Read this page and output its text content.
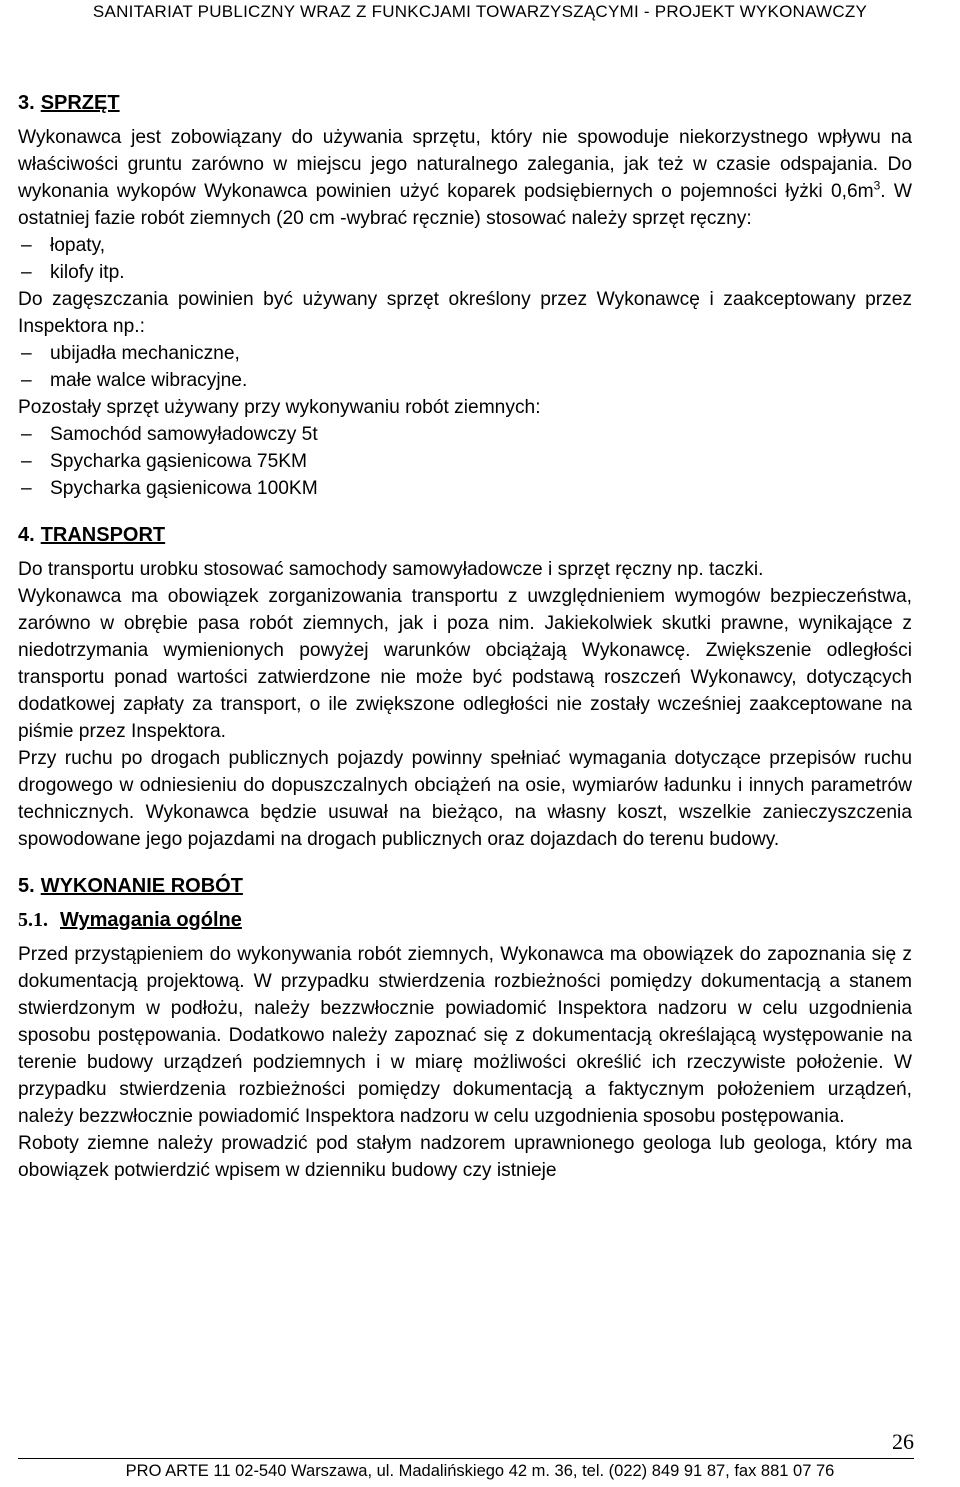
SANITARIAT PUBLICZNY WRAZ Z FUNKCJAMI TOWARZYSZĄCYMI - PROJEKT WYKONAWCZY
3. SPRZĘT

Wykonawca jest zobowiązany do używania sprzętu, który nie spowoduje niekorzystnego wpływu na właściwości gruntu zarówno w miejscu jego naturalnego zalegania, jak też w czasie odspajania. Do wykonania wykopów Wykonawca powinien użyć koparek podsiębiernych o pojemności łyżki $0,6m^3$. W ostatniej fazie robót ziemnych (20 cm -wybrać ręcznie) stosować należy sprzęt ręczny:

– łopaty,
– kilofy itp.

Do zagęszczania powinien być używany sprzęt określony przez Wykonawcę i zaakceptowany przez Inspektora np.:

– ubijadła mechaniczne,
– małe walce wibracyjne.

Pozostały sprzęt używany przy wykonywaniu robót ziemnych:

– Samochód samowyładowczy 5t
– Spycharka gąsienicowa 75KM
– Spycharka gąsienicowa 100KM
4. TRANSPORT

Do transportu urobku stosować samochody samowyładowcze i sprzęt ręczny np. taczki.

Wykonawca ma obowiązek zorganizowania transportu z uwzględnieniem wymogów bezpieczeństwa, zarówno w obrębie pasa robót ziemnych, jak i poza nim. Jakiekolwiek skutki prawne, wynikające z niedotrzymania wymienionych powyżej warunków obciążają Wykonawcę. Zwiększenie odległości transportu ponad wartości zatwierdzone nie może być podstawą roszczeń Wykonawcy, dotyczących dodatkowej zapłaty za transport, o ile zwiększone odległości nie zostały wcześniej zaakceptowane na piśmie przez Inspektora.

Przy ruchu po drogach publicznych pojazdy powinny spełniać wymagania dotyczące przepisów ruchu drogowego w odniesieniu do dopuszczalnych obciążeń na osie, wymiarów ładunku i innych parametrów technicznych. Wykonawca będzie usuwał na bieżąco, na własny koszt, wszelkie zanieczyszczenia spowodowane jego pojazdami na drogach publicznych oraz dojazdach do terenu budowy.

5. WYKONANIE ROBÓT
5.1. Wymagania ogólne

Przed przystąpieniem do wykonywania robót ziemnych, Wykonawca ma obowiązek do zapoznania się z dokumentacją projektową. W przypadku stwierdzenia rozbieżności pomiędzy dokumentacją a stanem stwierdzonym w podłożu, należy bezzwłocznie powiadomić Inspektora nadzoru w celu uzgodnienia sposobu postępowania. Dodatkowo należy zapoznać się z dokumentacją określającą występowanie na terenie budowy urządzeń podziemnych i w miarę możliwości określić ich rzeczywiste położenie. W przypadku stwierdzenia rozbieżności pomiędzy dokumentacją a faktycznym położeniem urządzeń, należy bezzwłocznie powiadomić Inspektora nadzoru w celu uzgodnienia sposobu postępowania.

Roboty ziemne należy prowadzić pod stałym nadzorem uprawnionego geologa lub geologa, który ma obowiązek potwierdzić wpisem w dzienniku budowy czy istnieje

26
PRO ARTE 11 02-540 Warszawa, ul. Madalińskiego 42 m. 36, tel. (022) 849 91 87, fax 881 07 76
